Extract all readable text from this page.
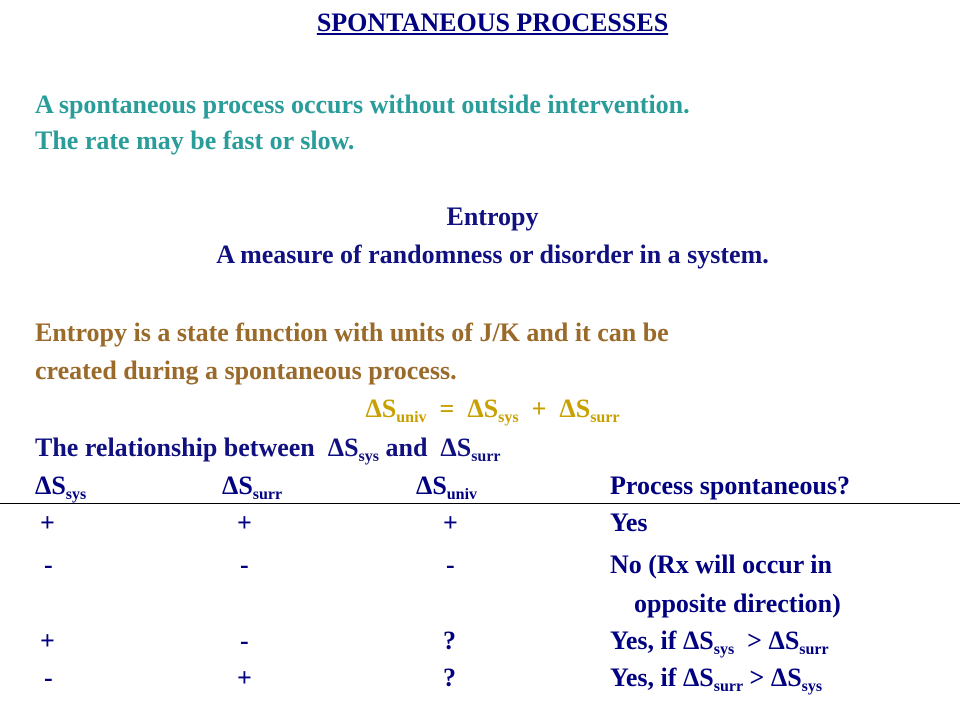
SPONTANEOUS PROCESSES
A spontaneous process occurs without outside intervention.
The rate may be fast or slow.
Entropy
A measure of randomness or disorder in a system.
Entropy is a state function with units of J/K and it can be
created during a spontaneous process.
$\Delta S_{univ} = \Delta S_{sys} + \Delta S_{surr}$
The relationship between $\Delta S_{sys}$ and $\Delta S_{surr}$
$\Delta S_{sys}$	$\Delta S_{surr}$	$\Delta S_{univ}$	Process spontaneous?
+	+	+	Yes
-	-	-	No (Rx will occur in
opposite direction)
+	-	?	Yes, if $\Delta S_{sys} > \Delta S_{surr}$
-	+	?	Yes, if $\Delta S_{surr} > \Delta S_{sys}$
